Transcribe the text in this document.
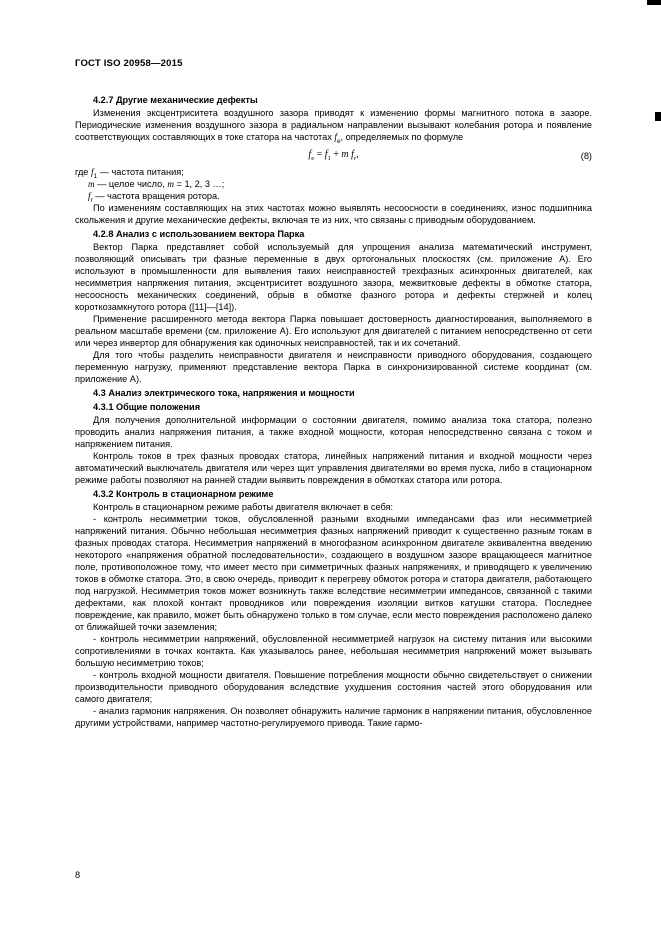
ГОСТ ISO 20958—2015
4.2.7 Другие механические дефекты

Изменения эксцентриситета воздушного зазора приводят к изменению формы магнитного потока в зазоре. Периодические изменения воздушного зазора в радиальном направлении вызывают колебания ротора и появление соответствующих составляющих в токе статора на частотах $f_e$, определяемых по формуле

$f_e = f_1 + m$ $f_r$,	(8)

где $f_1$ — частота питания;

m — целое число, m = 1, 2, 3 …;

$f_r$ — частота вращения ротора.

По изменениям составляющих на этих частотах можно выявлять несоосности в соединениях, износ подшипника скольжения и другие механические дефекты, включая те из них, что связаны с приводным оборудованием.

4.2.8 Анализ с использованием вектора Парка

Вектор Парка представляет собой используемый для упрощения анализа математический инструмент, позволяющий описывать три фазные переменные в двух ортогональных плоскостях (см. приложение А). Его используют в промышленности для выявления таких неисправностей трехфазных асинхронных двигателей, как несимметрия напряжения питания, эксцентриситет воздушного зазора, межвитковые дефекты в обмотке статора, несоосность механических соединений, обрыв в обмотке фазного ротора и дефекты стержней и колец короткозамкнутого ротора ([11]—[14]).

Применение расширенного метода вектора Парка повышает достоверность диагностирования, выполняемого в реальном масштабе времени (см. приложение А). Его используют для двигателей с питанием непосредственно от сети или через инвертор для обнаружения как одиночных неисправностей, так и их сочетаний.

Для того чтобы разделить неисправности двигателя и неисправности приводного оборудования, создающего переменную нагрузку, применяют представление вектора Парка в синхронизированной системе координат (см. приложение А).

4.3 Анализ электрического тока, напряжения и мощности
4.3.1 Общие положения

Для получения дополнительной информации о состоянии двигателя, помимо анализа тока статора, полезно проводить анализ напряжения питания, а также входной мощности, которая непосредственно связана с током и напряжением питания.

Контроль токов в трех фазных проводах статора, линейных напряжений питания и входной мощности через автоматический выключатель двигателя или через щит управления двигателями во время пуска, либо в стационарном режиме работы позволяют на ранней стадии выявить повреждения в обмотках статора или ротора.

4.3.2 Контроль в стационарном режиме

Контроль в стационарном режиме работы двигателя включает в себя:

- контроль несимметрии токов, обусловленной разными входными импедансами фаз или несимметрией напряжений питания. Обычно небольшая несимметрия фазных напряжений приводит к существенно разным токам в фазных проводах статора. Несимметрия напряжений в многофазном асинхронном двигателе эквивалентна введению некоторого «напряжения обратной последовательности», создающего в воздушном зазоре вращающееся магнитное поле, противоположное тому, что имеет место при симметричных фазных напряжениях, и приводящего к увеличению токов в обмотке статора. Это, в свою очередь, приводит к перегреву обмоток ротора и статора двигателя, работающего под нагрузкой. Несимметрия токов может возникнуть также вследствие несимметрии импедансов, связанной с такими дефектами, как плохой контакт проводников или повреждения изоляции витков катушки статора. Последнее повреждение, как правило, может быть обнаружено только в том случае, если место повреждения расположено далеко от ближайшей точки заземления;

- контроль несимметрии напряжений, обусловленной несимметрией нагрузок на систему питания или высокими сопротивлениями в точках контакта. Как указывалось ранее, небольшая несимметрия напряжений может вызывать большую несимметрию токов;

- контроль входной мощности двигателя. Повышение потребления мощности обычно свидетельствует о снижении производительности приводного оборудования вследствие ухудшения состояния частей этого оборудования или самого двигателя;

- анализ гармоник напряжения. Он позволяет обнаружить наличие гармоник в напряжении питания, обусловленное другими устройствами, например частотно-регулируемого привода. Такие гармо-

8
